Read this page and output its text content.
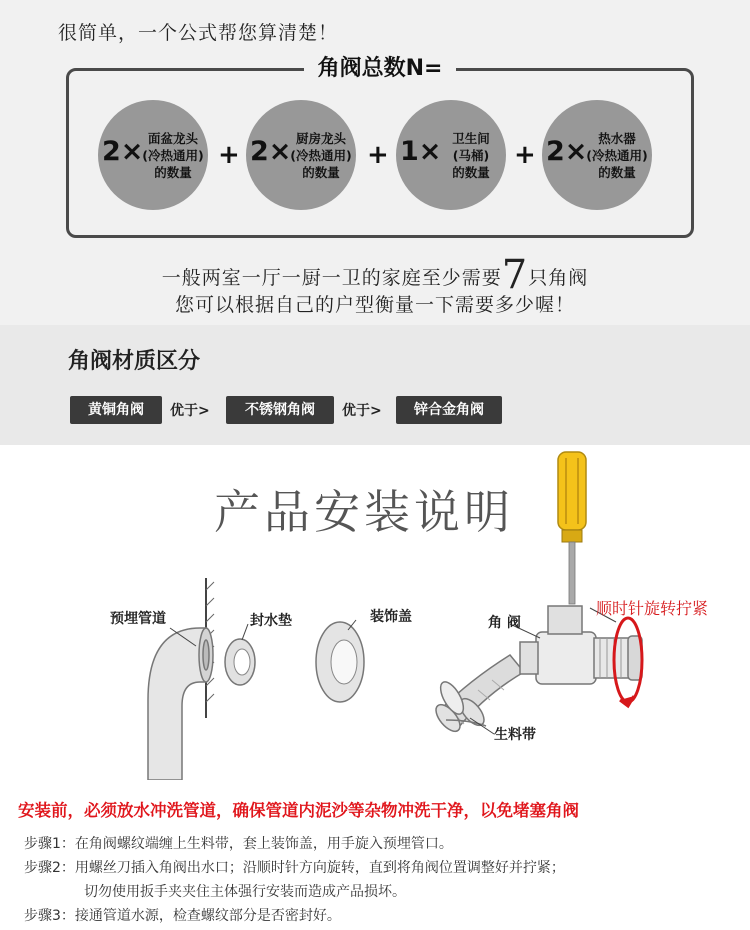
很简单，一个公式帮您算清楚！
角阀总数N=
2× 面盆龙头
(冷热通用)
的数量
+ 2× 厨房龙头
(冷热通用)
的数量
+ 1× 卫生间
(马桶)
的数量
+ 2× 热水器
(冷热通用)
的数量
一般两室一厅一厨一卫的家庭至少需要7只角阀
您可以根据自己的户型衡量一下需要多少喔！
角阀材质区分
黄铜角阀	优于>	不锈钢角阀	优于>	锌合金角阀
产品安装说明
预埋管道	封水垫	装饰盖	角 阀
生料带
顺时针旋转拧紧
安装前，必须放水冲洗管道，确保管道内泥沙等杂物冲洗干净，以免堵塞角阀
步骤1：在角阀螺纹端缠上生料带，套上装饰盖，用手旋入预埋管口。
步骤2：用螺丝刀插入角阀出水口；沿顺时针方向旋转，直到将角阀位置调整好并拧紧；
切勿使用扳手夹夹住主体强行安装而造成产品损坏。
步骤3：接通管道水源，检查螺纹部分是否密封好。
